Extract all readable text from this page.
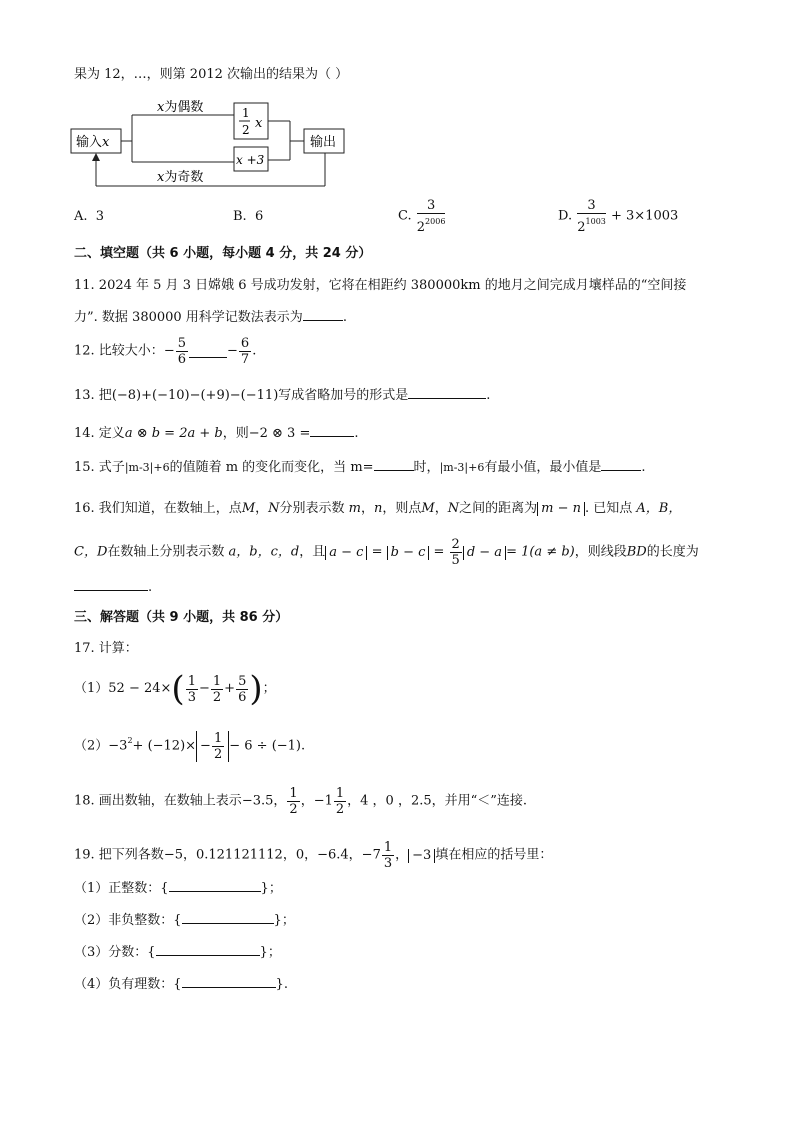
果为 12，…，则第 2012 次输出的结果为（ ）
输入x
x为偶数	1
2 x
x +3
输出
x为奇数
A. 3	B. 6	C. $\frac{3}{2^{2006}}$	D. $\frac{3}{2^{1003}} + 3\times 1003$
二、填空题（共 6 小题，每小题 4 分，共 24 分）
11. 2024 年 5 月 3 日嫦娥 6 号成功发射，它将在相距约 380000km 的地月之间完成月壤样品的“空间接
力”. 数据 380000 用科学记数法表示为	.
12. 比较大小：− $\frac{5}{6}$	− $\frac{6}{7}$ .
13. 把(−8)+(−10)−(+9)−(−11)写成省略加号的形式是	.
14. 定义a ⊗ b = 2a + b，则−2 ⊗ 3 =	.
15. 式子|m-3|+6的值随着 m 的变化而变化，当 m=	时，|m-3|+6有最小值，最小值是	.
16. 我们知道，在数轴上，点M，N分别表示数 m，n，则点M，N之间的距离为 m − n . 已知点 A，B，
C，D在数轴上分别表示数 a，b，c，d，且 $a - c = b - c = \frac{2}{5}$ d − a = 1(a ≠ b)，则线段BD的长度为
.
三、解答题（共 9 小题，共 86 分）
17. 计算：
$(1)52 - 24\times( \frac{1}{3} - \frac{1}{2} + \frac{5}{6}$ )；
$(2)-3^2+ (-12)\times - \frac{1}{2} - 6 \div (-1)$.
18. 画出数轴，在数轴上表示−3.5， $\frac{1}{2}$ ，$-1 \frac{1}{2}$ ，4 ，0 ，2.5，并用“＜”连接.
19. 把下列各数−5，0.121121112，0，−6.4，$-7 \frac{1}{3}$ ， −3 填在相应的括号里：
（1）正整数：{	}；
（2）非负整数：{	}；
（3）分数：{	}；
（4）负有理数：{	}.
